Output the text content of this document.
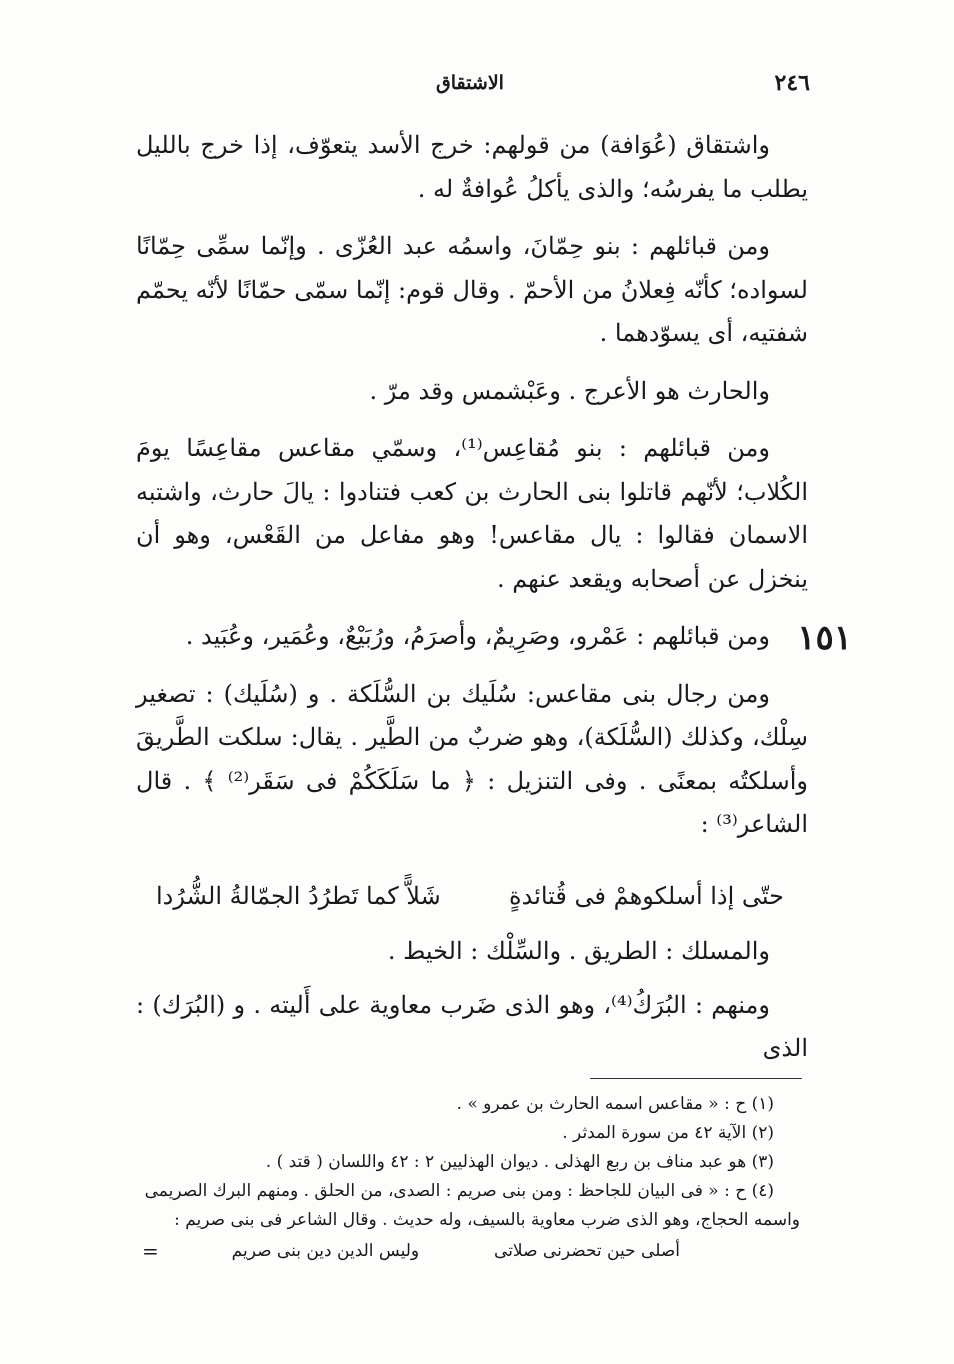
٢٤٦
الاشتقاق
١٥١

واشتقاق (عُوَافة) من قولهم: خرج الأسد يتعوّف، إذا خرج بالليل يطلب ما يفرسُه؛ والذى يأكلُ عُوافةٌ له .

ومن قبائلهم : بنو حِمّانَ، واسمُه عبد العُزّى . وإنّما سمِّى حِمّانًا لسواده؛ كأنّه فِعلانُ من الأحمّ . وقال قوم: إنّما سمّى حمّانًا لأنّه يحمّم شفتيه، أى يسوّدهما .

والحارث هو الأعرج . وعَبْشمس وقد مرّ .

ومن قبائلهم : بنو مُقاعِس⁽¹⁾، وسمّي مقاعس مقاعِسًا يومَ الكُلاب؛ لأنّهم قاتلوا بنى الحارث بن كعب فتنادوا : يالَ حارث، واشتبه الاسمان فقالوا : يال مقاعس! وهو مفاعل من القَعْس، وهو أن ينخزل عن أصحابه ويقعد عنهم .

ومن قبائلهم : عَمْرو، وصَرِيمٌ، وأصرَمُ، ورُبَيْعٌ، وعُمَير، وعُبَيد .

ومن رجال بنى مقاعس: سُلَيك بن السُّلَكة . و (سُلَيك) : تصغير سِلْك، وكذلك (السُّلَكة)، وهو ضربٌ من الطَّير . يقال: سلكت الطَّريقَ وأسلكتُه بمعنًى . وفى التنزيل : ﴿ ما سَلَكَكُمْ فى سَقَر⁽²⁾ ﴾ . قال الشاعر⁽³⁾ :

حتّى إذا أسلكوهمْ فى قُتائدةٍ
شَلاًّ كما تَطرُدُ الجمّالةُ الشُّرُدا

والمسلك : الطريق . والسِّلْك : الخيط .

ومنهم : البُرَكُ⁽⁴⁾، وهو الذى ضَرب معاوية على أَليته . و (البُرَك) : الذى

(١) ح : « مقاعس اسمه الحارث بن عمرو » .

(٢) الآية ٤٢ من سورة المدثر .

(٣) هو عبد مناف بن ربع الهذلى . ديوان الهذليين ٢ : ٤٢ واللسان ( قتد ) .

(٤) ح : « فى البيان للجاحظ : ومن بنى صريم : الصدى، من الحلق . ومنهم البرك الصريمى واسمه الحجاج، وهو الذى ضرب معاوية بالسيف، وله حديث . وقال الشاعر فى بنى صريم :

أصلى حين تحضرنى صلاتى
وليس الدين دين بنى صريم
=
